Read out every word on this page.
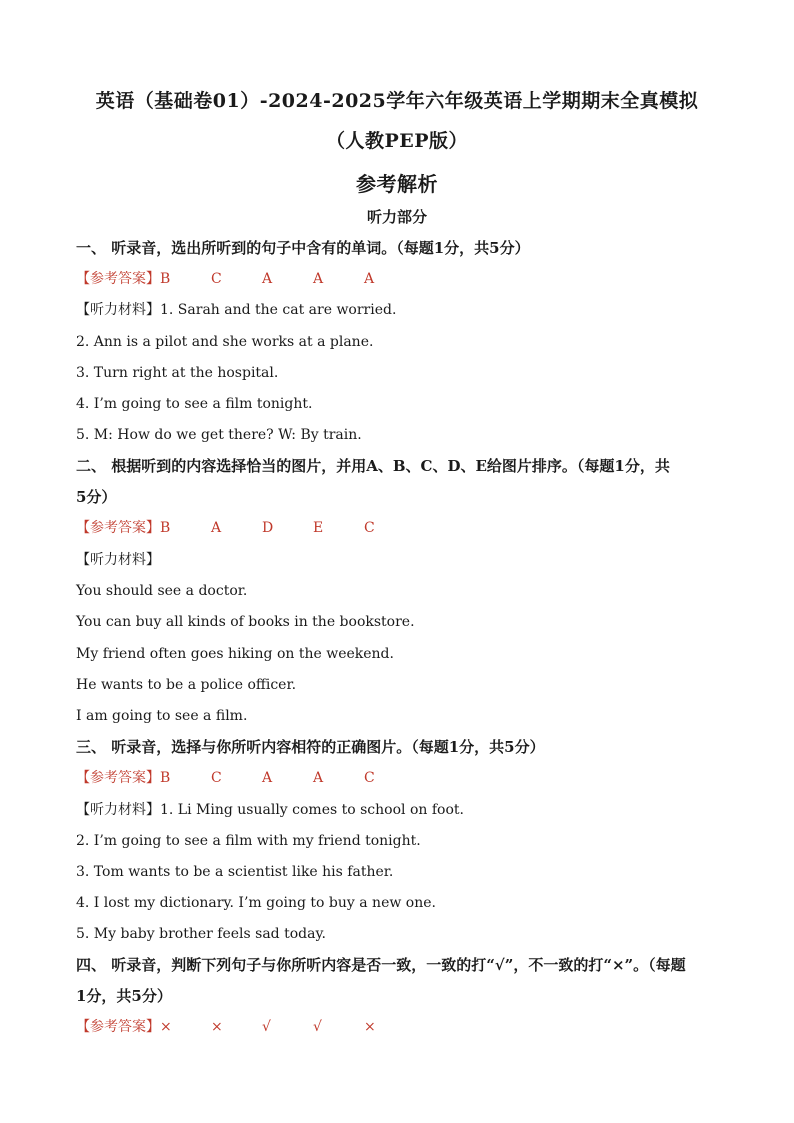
英语（基础卷01）-2024-2025学年六年级英语上学期期末全真模拟
（人教PEP版）
参考解析
听力部分
一、 听录音，选出所听到的句子中含有的单词。（每题1分，共5分）
【参考答案】B	C	A	A	A
【听力材料】1. Sarah and the cat are worried.
2. Ann is a pilot and she works at a plane.
3. Turn right at the hospital.
4. I’m going to see a film tonight.
5. M: How do we get there? W: By train.
二、 根据听到的内容选择恰当的图片，并用A、B、C、D、E给图片排序。（每题1分，共
5分）
【参考答案】B	A	D	E	C
【听力材料】
You should see a doctor.
You can buy all kinds of books in the bookstore.
My friend often goes hiking on the weekend.
He wants to be a police officer.
I am going to see a film.
三、 听录音，选择与你所听内容相符的正确图片。（每题1分，共5分）
【参考答案】B	C	A	A	C
【听力材料】1. Li Ming usually comes to school on foot.
2. I’m going to see a film with my friend tonight.
3. Tom wants to be a scientist like his father.
4. I lost my dictionary. I’m going to buy a new one.
5. My baby brother feels sad today.
四、 听录音，判断下列句子与你所听内容是否一致，一致的打“√”，不一致的打“×”。（每题
1分，共5分）
【参考答案】×	×	√	√	×
